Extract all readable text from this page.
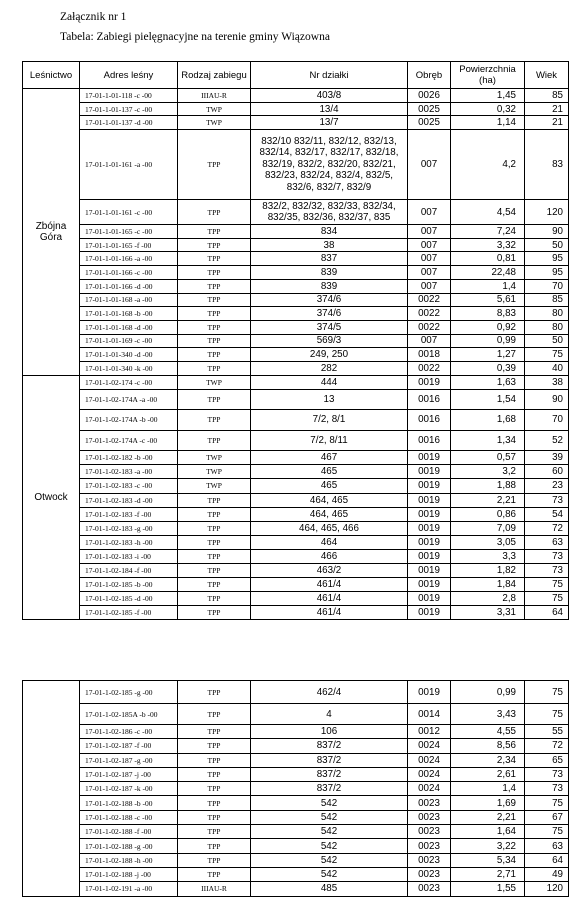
Załącznik nr 1
Tabela: Zabiegi pielęgnacyjne na terenie gminy Wiązowna
Leśnictwo	Adres leśny	Rodzaj zabiegu	Nr działki	Obręb	Powierzchnia (ha)	Wiek
Zbójna Góra	17-01-1-01-118 -c -00	IIIAU-R	403/8	0026	1,45	85
	17-01-1-01-137 -c -00	TWP	13/4	0025	0,32	21
	17-01-1-01-137 -d -00	TWP	13/7	0025	1,14	21
	17-01-1-01-161 -a -00	TPP	832/10 832/11, 832/12, 832/13, 832/14, 832/17, 832/17, 832/18, 832/19, 832/2, 832/20, 832/21, 832/23, 832/24, 832/4, 832/5, 832/6, 832/7, 832/9	007	4,2	83
	17-01-1-01-161 -c -00	TPP	832/2, 832/32, 832/33, 832/34, 832/35, 832/36, 832/37, 835	007	4,54	120
	17-01-1-01-165 -c -00	TPP	834	007	7,24	90
	17-01-1-01-165 -f -00	TPP	38	007	3,32	50
	17-01-1-01-166 -a -00	TPP	837	007	0,81	95
	17-01-1-01-166 -c -00	TPP	839	007	22,48	95
	17-01-1-01-166 -d -00	TPP	839	007	1,4	70
	17-01-1-01-168 -a -00	TPP	374/6	0022	5,61	85
	17-01-1-01-168 -b -00	TPP	374/6	0022	8,83	80
	17-01-1-01-168 -d -00	TPP	374/5	0022	0,92	80
	17-01-1-01-169 -c -00	TPP	569/3	007	0,99	50
	17-01-1-01-340 -d -00	TPP	249, 250	0018	1,27	75
	17-01-1-01-340 -k -00	TPP	282	0022	0,39	40
Otwock	17-01-1-02-174 -c -00	TWP	444	0019	1,63	38
	17-01-1-02-174A -a -00	TPP	13	0016	1,54	90
	17-01-1-02-174A -b -00	TPP	7/2, 8/1	0016	1,68	70
	17-01-1-02-174A -c -00	TPP	7/2, 8/11	0016	1,34	52
	17-01-1-02-182 -b -00	TWP	467	0019	0,57	39
	17-01-1-02-183 -a -00	TWP	465	0019	3,2	60
	17-01-1-02-183 -c -00	TWP	465	0019	1,88	23
	17-01-1-02-183 -d -00	TPP	464, 465	0019	2,21	73
	17-01-1-02-183 -f -00	TPP	464, 465	0019	0,86	54
	17-01-1-02-183 -g -00	TPP	464, 465, 466	0019	7,09	72
	17-01-1-02-183 -h -00	TPP	464	0019	3,05	63
	17-01-1-02-183 -i -00	TPP	466	0019	3,3	73
	17-01-1-02-184 -f -00	TPP	463/2	0019	1,82	73
	17-01-1-02-185 -b -00	TPP	461/4	0019	1,84	75
	17-01-1-02-185 -d -00	TPP	461/4	0019	2,8	75
	17-01-1-02-185 -f -00	TPP	461/4	0019	3,31	64
	17-01-1-02-185 -g -00	TPP	462/4	0019	0,99	75
	17-01-1-02-185A -b -00	TPP	4	0014	3,43	75
	17-01-1-02-186 -c -00	TPP	106	0012	4,55	55
	17-01-1-02-187 -f -00	TPP	837/2	0024	8,56	72
	17-01-1-02-187 -g -00	TPP	837/2	0024	2,34	65
	17-01-1-02-187 -j -00	TPP	837/2	0024	2,61	73
	17-01-1-02-187 -k -00	TPP	837/2	0024	1,4	73
	17-01-1-02-188 -b -00	TPP	542	0023	1,69	75
	17-01-1-02-188 -c -00	TPP	542	0023	2,21	67
	17-01-1-02-188 -f -00	TPP	542	0023	1,64	75
	17-01-1-02-188 -g -00	TPP	542	0023	3,22	63
	17-01-1-02-188 -h -00	TPP	542	0023	5,34	64
	17-01-1-02-188 -j -00	TPP	542	0023	2,71	49
	17-01-1-02-191 -a -00	IIIAU-R	485	0023	1,55	120
